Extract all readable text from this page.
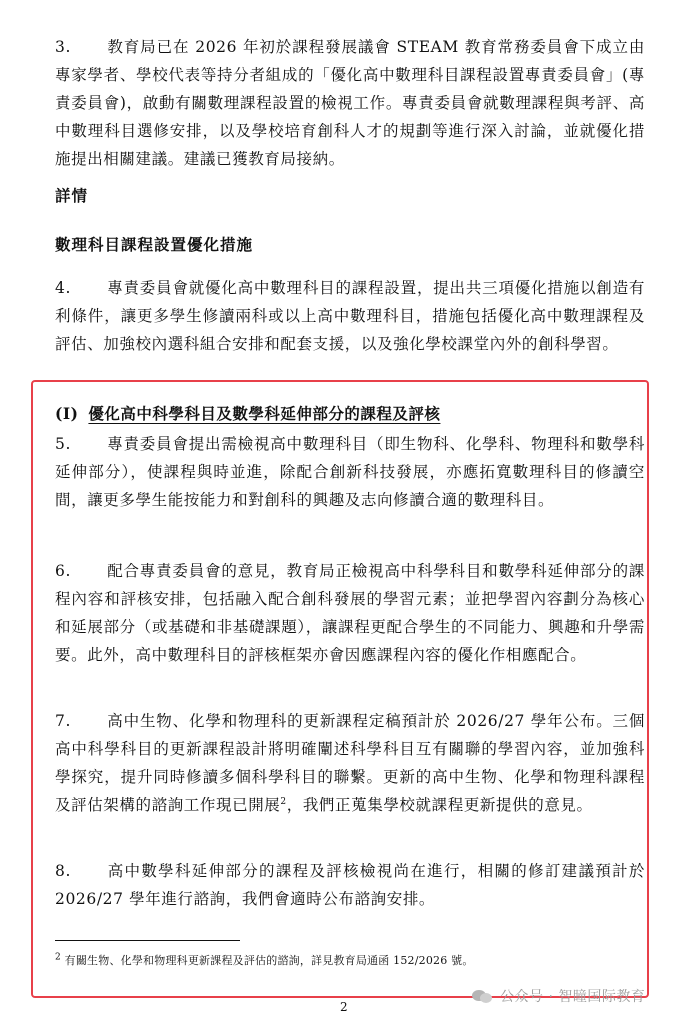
3. 教育局已在 2026 年初於課程發展議會 STEAM 教育常務委員會下成立由專家學者、學校代表等持分者組成的「優化高中數理科目課程設置專責委員會」(專責委員會)，啟動有關數理課程設置的檢視工作。專責委員會就數理課程與考評、高中數理科目選修安排，以及學校培育創科人才的規劃等進行深入討論，並就優化措施提出相關建議。建議已獲教育局接納。

詳情
數理科目課程設置優化措施

4. 專責委員會就優化高中數理科目的課程設置，提出共三項優化措施以創造有利條件，讓更多學生修讀兩科或以上高中數理科目，措施包括優化高中數理課程及評估、加強校內選科組合安排和配套支援，以及強化學校課堂內外的創科學習。

(I) 優化高中科學科目及數學科延伸部分的課程及評核

5. 專責委員會提出需檢視高中數理科目（即生物科、化學科、物理科和數學科延伸部分），使課程與時並進，除配合創新科技發展，亦應拓寬數理科目的修讀空間，讓更多學生能按能力和對創科的興趣及志向修讀合適的數理科目。

6. 配合專責委員會的意見，教育局正檢視高中科學科目和數學科延伸部分的課程內容和評核安排，包括融入配合創科發展的學習元素；並把學習內容劃分為核心和延展部分（或基礎和非基礎課題），讓課程更配合學生的不同能力、興趣和升學需要。此外，高中數理科目的評核框架亦會因應課程內容的優化作相應配合。

7. 高中生物、化學和物理科的更新課程定稿預計於 2026/27 學年公布。三個高中科學科目的更新課程設計將明確闡述科學科目互有關聯的學習內容，並加強科學探究，提升同時修讀多個科學科目的聯繫。更新的高中生物、化學和物理科課程及評估架構的諮詢工作現已開展$^2$，我們正蒐集學校就課程更新提供的意見。

8. 高中數學科延伸部分的課程及評核檢視尚在進行，相關的修訂建議預計於 2026/27 學年進行諮詢，我們會適時公布諮詢安排。

$^2$ 有關生物、化學和物理科更新課程及評估的諮詢，詳見教育局通函 152/2026 號。

2
公众号 · 智瞳国际教育
